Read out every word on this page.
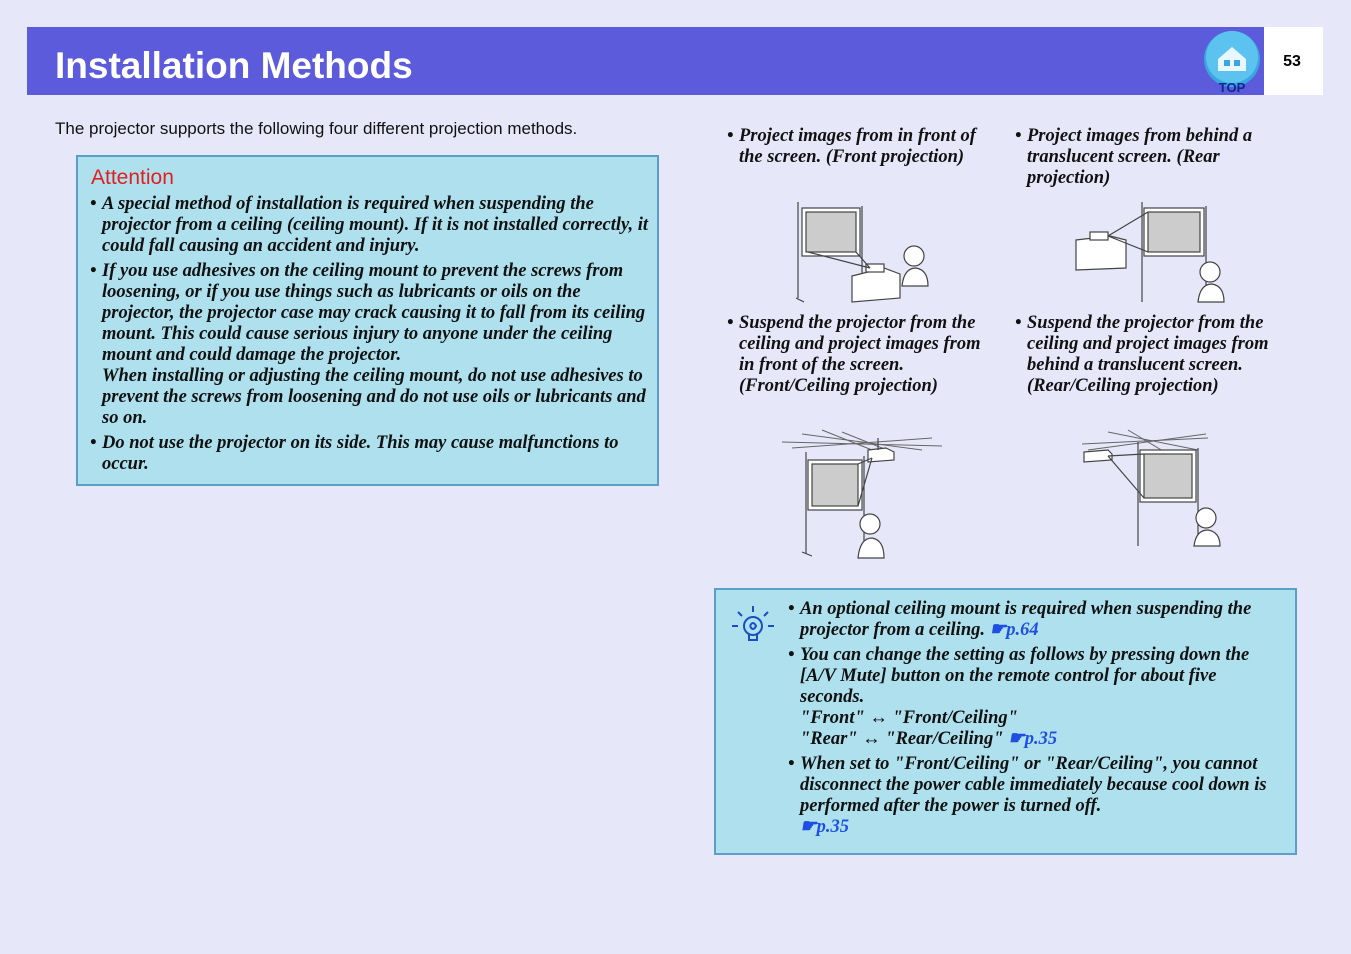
Installation Methods
TOP
53
The projector supports the following four different projection methods.
Attention
• A special method of installation is required when suspending the projector from a ceiling (ceiling mount). If it is not installed correctly, it could fall causing an accident and injury.
• If you use adhesives on the ceiling mount to prevent the screws from loosening, or if you use things such as lubricants or oils on the projector, the projector case may crack causing it to fall from its ceiling mount. This could cause serious injury to anyone under the ceiling mount and could damage the projector.
When installing or adjusting the ceiling mount, do not use adhesives to prevent the screws from loosening and do not use oils or lubricants and so on.
• Do not use the projector on its side. This may cause malfunctions to occur.
• Project images from in front of the screen. (Front projection)
• Project images from behind a translucent screen. (Rear projection)
• Suspend the projector from the ceiling and project images from in front of the screen. (Front/Ceiling projection)
• Suspend the projector from the ceiling and project images from behind a translucent screen. (Rear/Ceiling projection)
• An optional ceiling mount is required when suspending the projector from a ceiling. ☛p.64
• You can change the setting as follows by pressing down the [A/V Mute] button on the remote control for about five seconds.
"Front" ↔ "Front/Ceiling"
"Rear" ↔ "Rear/Ceiling" ☛p.35
• When set to "Front/Ceiling" or "Rear/Ceiling", you cannot disconnect the power cable immediately because cool down is performed after the power is turned off.
☛p.35
